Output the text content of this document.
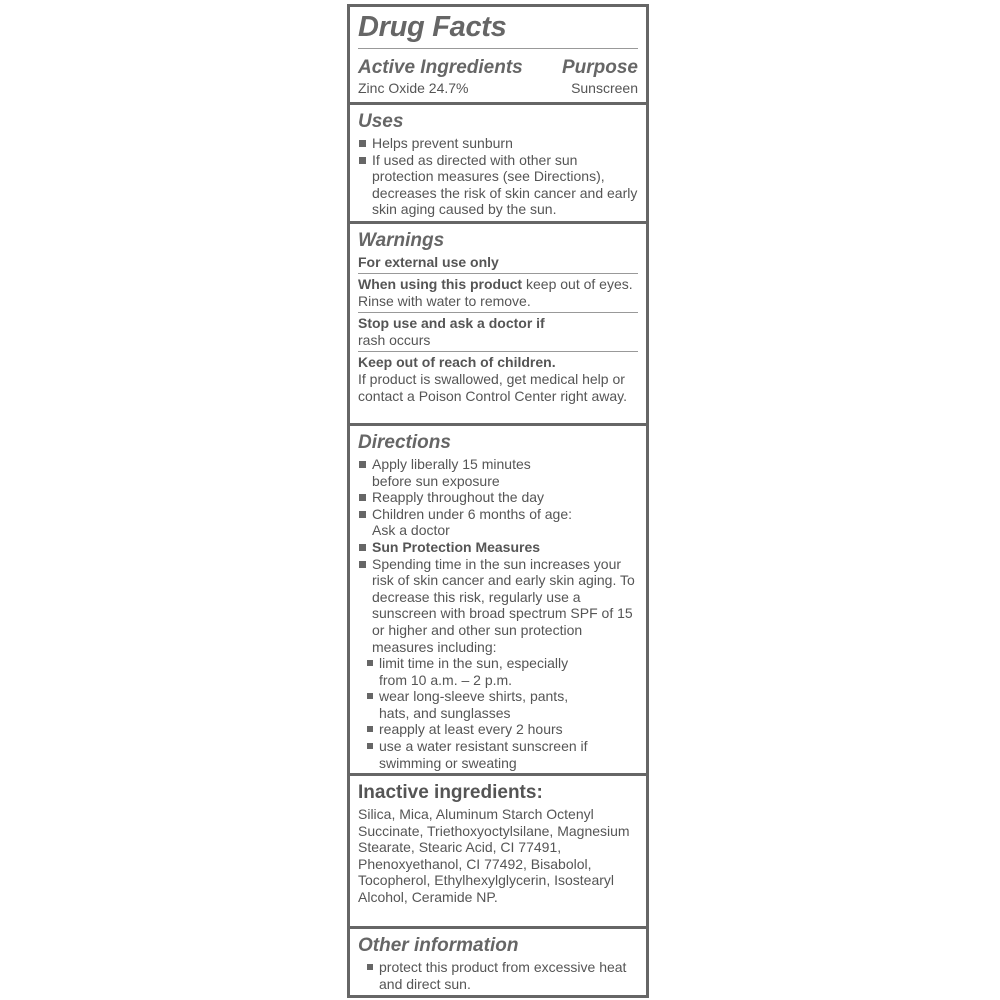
Drug Facts
Active Ingredients Purpose
Zinc Oxide 24.7%	Sunscreen
Uses
Helps prevent sunburn
If used as directed with other sun protection measures (see Directions), decreases the risk of skin cancer and early skin aging caused by the sun.
Warnings
For external use only
When using this product keep out of eyes. Rinse with water to remove.
Stop use and ask a doctor if
rash occurs
Keep out of reach of children.
If product is swallowed, get medical help or contact a Poison Control Center right away.
Directions
Apply liberally 15 minutes before sun exposure
Reapply throughout the day
Children under 6 months of age: Ask a doctor
Sun Protection Measures
Spending time in the sun increases your risk of skin cancer and early skin aging. To decrease this risk, regularly use a sunscreen with broad spectrum SPF of 15 or higher and other sun protection measures including:
limit time in the sun, especially from 10 a.m. – 2 p.m.
wear long-sleeve shirts, pants, hats, and sunglasses
reapply at least every 2 hours
use a water resistant sunscreen if swimming or sweating
Inactive ingredients:
Silica, Mica, Aluminum Starch Octenyl Succinate, Triethoxyoctylsilane, Magnesium Stearate, Stearic Acid, CI 77491, Phenoxyethanol, CI 77492, Bisabolol, Tocopherol, Ethylhexylglycerin, Isostearyl Alcohol, Ceramide NP.
Other information
protect this product from excessive heat and direct sun.
